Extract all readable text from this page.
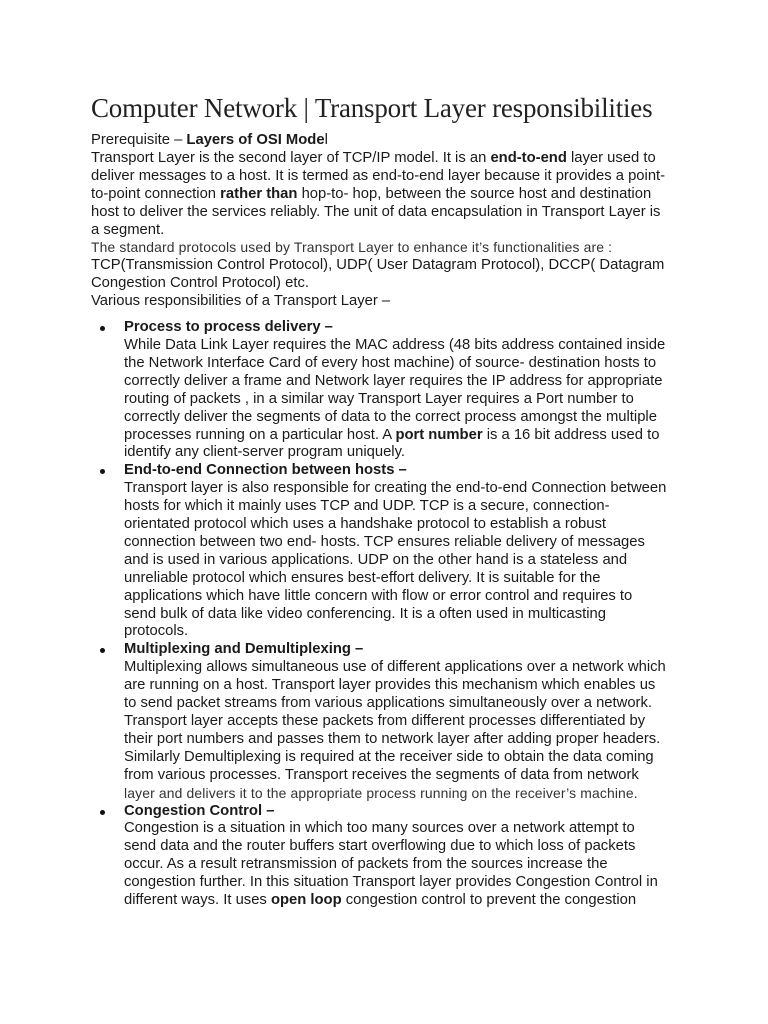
Computer Network | Transport Layer responsibilities
Prerequisite – Layers of OSI Model
Transport Layer is the second layer of TCP/IP model. It is an end-to-end layer used to
deliver messages to a host. It is termed as end-to-end layer because it provides a point-
to-point connection rather than hop-to- hop, between the source host and destination
host to deliver the services reliably. The unit of data encapsulation in Transport Layer is
a segment.
The standard protocols used by Transport Layer to enhance it’s functionalities are :
TCP(Transmission Control Protocol), UDP( User Datagram Protocol), DCCP( Datagram
Congestion Control Protocol) etc.
Various responsibilities of a Transport Layer –
Process to process delivery –
While Data Link Layer requires the MAC address (48 bits address contained inside
the Network Interface Card of every host machine) of source- destination hosts to
correctly deliver a frame and Network layer requires the IP address for appropriate
routing of packets , in a similar way Transport Layer requires a Port number to
correctly deliver the segments of data to the correct process amongst the multiple
processes running on a particular host. A port number is a 16 bit address used to
identify any client-server program uniquely.
End-to-end Connection between hosts –
Transport layer is also responsible for creating the end-to-end Connection between
hosts for which it mainly uses TCP and UDP. TCP is a secure, connection-
orientated protocol which uses a handshake protocol to establish a robust
connection between two end- hosts. TCP ensures reliable delivery of messages
and is used in various applications. UDP on the other hand is a stateless and
unreliable protocol which ensures best-effort delivery. It is suitable for the
applications which have little concern with flow or error control and requires to
send bulk of data like video conferencing. It is a often used in multicasting
protocols.
Multiplexing and Demultiplexing –
Multiplexing allows simultaneous use of different applications over a network which
are running on a host. Transport layer provides this mechanism which enables us
to send packet streams from various applications simultaneously over a network.
Transport layer accepts these packets from different processes differentiated by
their port numbers and passes them to network layer after adding proper headers.
Similarly Demultiplexing is required at the receiver side to obtain the data coming
from various processes. Transport receives the segments of data from network
layer and delivers it to the appropriate process running on the receiver’s machine.
Congestion Control –
Congestion is a situation in which too many sources over a network attempt to
send data and the router buffers start overflowing due to which loss of packets
occur. As a result retransmission of packets from the sources increase the
congestion further. In this situation Transport layer provides Congestion Control in
different ways. It uses open loop congestion control to prevent the congestion
